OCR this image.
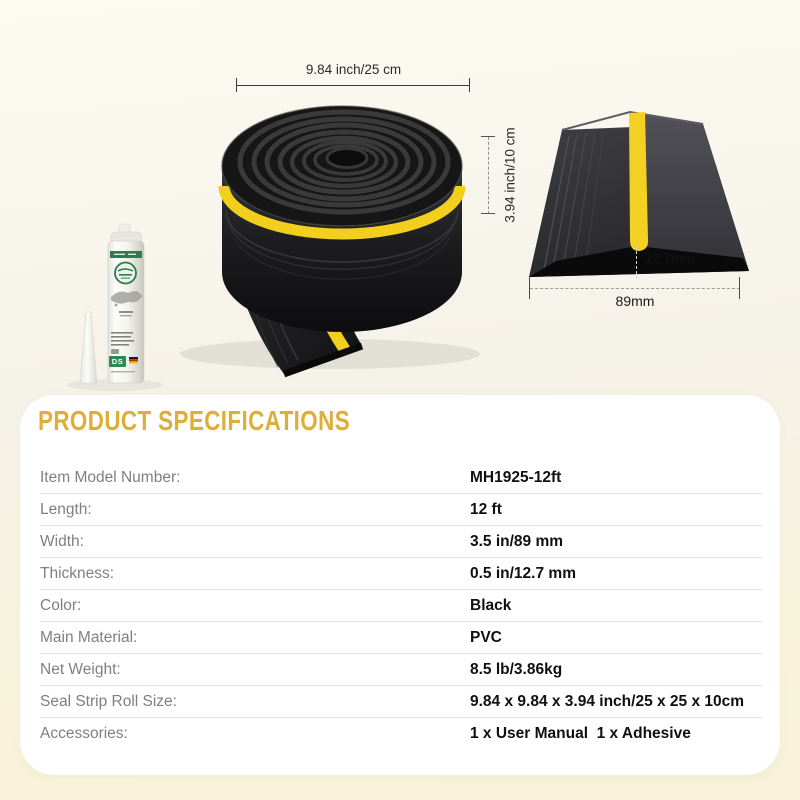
DS
9.84 inch/25 cm
3.94 inch/10 cm
12.7mm
89mm
PRODUCT SPECIFICATIONS
Item Model Number:	MH1925-12ft
Length:	12 ft
Width:	3.5 in/89 mm
Thickness:	0.5 in/12.7 mm
Color:	Black
Main Material:	PVC
Net Weight:	8.5 lb/3.86kg
Seal Strip Roll Size:	9.84 x 9.84 x 3.94 inch/25 x 25 x 10cm
Accessories:	1 x User Manual  1 x Adhesive
